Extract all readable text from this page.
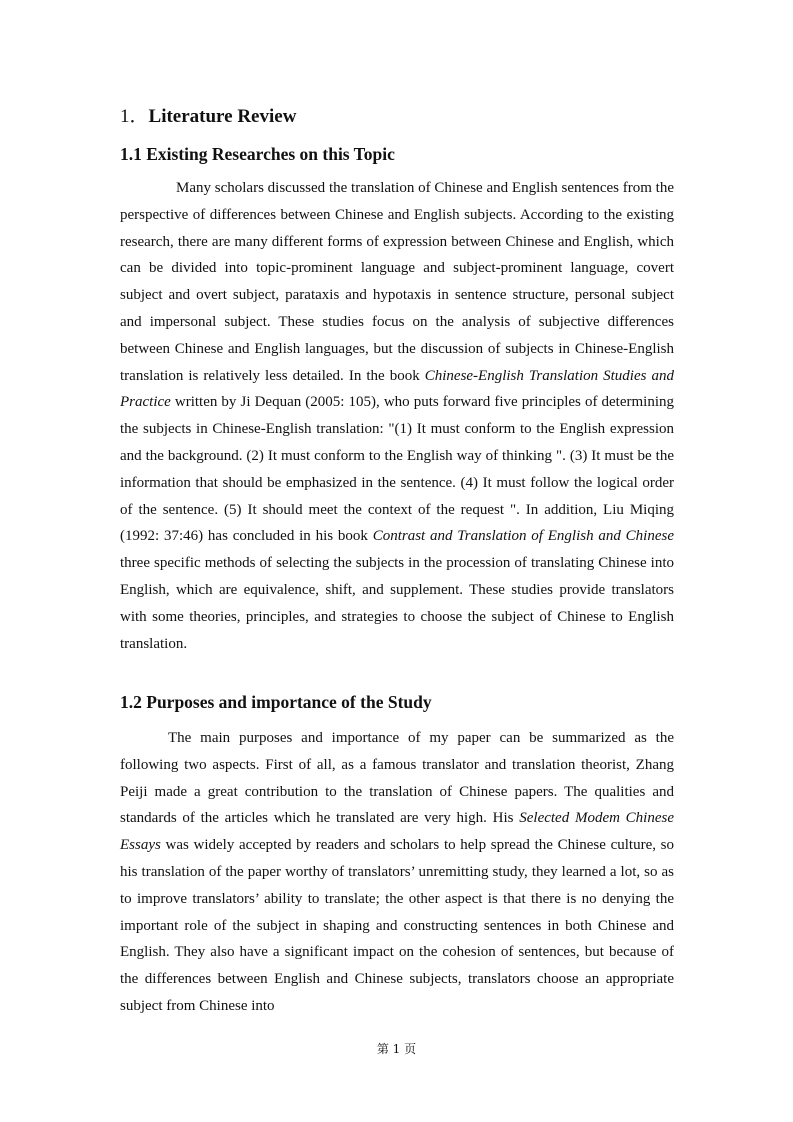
1．Literature Review
1.1 Existing Researches on this Topic

Many scholars discussed the translation of Chinese and English sentences from the perspective of differences between Chinese and English subjects. According to the existing research, there are many different forms of expression between Chinese and English, which can be divided into topic-prominent language and subject-prominent language, covert subject and overt subject, parataxis and hypotaxis in sentence structure, personal subject and impersonal subject. These studies focus on the analysis of subjective differences between Chinese and English languages, but the discussion of subjects in Chinese-English translation is relatively less detailed. In the book Chinese-English Translation Studies and Practice written by Ji Dequan (2005: 105), who puts forward five principles of determining the subjects in Chinese-English translation: "(1) It must conform to the English expression and the background. (2) It must conform to the English way of thinking ". (3) It must be the information that should be emphasized in the sentence. (4) It must follow the logical order of the sentence. (5) It should meet the context of the request ". In addition, Liu Miqing (1992: 37:46) has concluded in his book Contrast and Translation of English and Chinese three specific methods of selecting the subjects in the procession of translating Chinese into English, which are equivalence, shift, and supplement. These studies provide translators with some theories, principles, and strategies to choose the subject of Chinese to English translation.

1.2 Purposes and importance of the Study

The main purposes and importance of my paper can be summarized as the following two aspects. First of all, as a famous translator and translation theorist, Zhang Peiji made a great contribution to the translation of Chinese papers. The qualities and standards of the articles which he translated are very high. His Selected Modem Chinese Essays was widely accepted by readers and scholars to help spread the Chinese culture, so his translation of the paper worthy of translators’ unremitting study, they learned a lot, so as to improve translators’ ability to translate; the other aspect is that there is no denying the important role of the subject in shaping and constructing sentences in both Chinese and English. They also have a significant impact on the cohesion of sentences, but because of the differences between English and Chinese subjects, translators choose an appropriate subject from Chinese into

第 1 页
